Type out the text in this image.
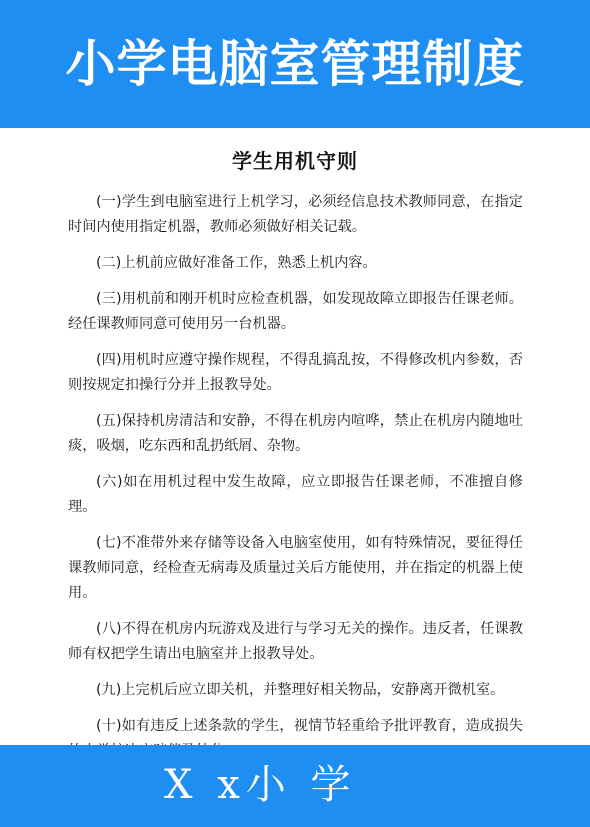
小学电脑室管理制度
学生用机守则
(一)学生到电脑室进行上机学习，必须经信息技术教师同意，在指定时间内使用指定机器，教师必须做好相关记载。
(二)上机前应做好准备工作，熟悉上机内容。
(三)用机前和刚开机时应检查机器，如发现故障立即报告任课老师。经任课教师同意可使用另一台机器。
(四)用机时应遵守操作规程，不得乱搞乱按，不得修改机内参数，否则按规定扣操行分并上报教导处。
(五)保持机房清洁和安静，不得在机房内喧哗，禁止在机房内随地吐痰，吸烟，吃东西和乱扔纸屑、杂物。
(六)如在用机过程中发生故障，应立即报告任课老师，不准擅自修理。
(七)不准带外来存储等设备入电脑室使用，如有特殊情况，要征得任课教师同意，经检查无病毒及质量过关后方能使用，并在指定的机器上使用。
(八)不得在机房内玩游戏及进行与学习无关的操作。违反者，任课教师有权把学生请出电脑室并上报教导处。
(九)上完机后应立即关机，并整理好相关物品，安静离开微机室。
(十)如有违反上述条款的学生，视情节轻重给予批评教育，造成损失
X x小 学
